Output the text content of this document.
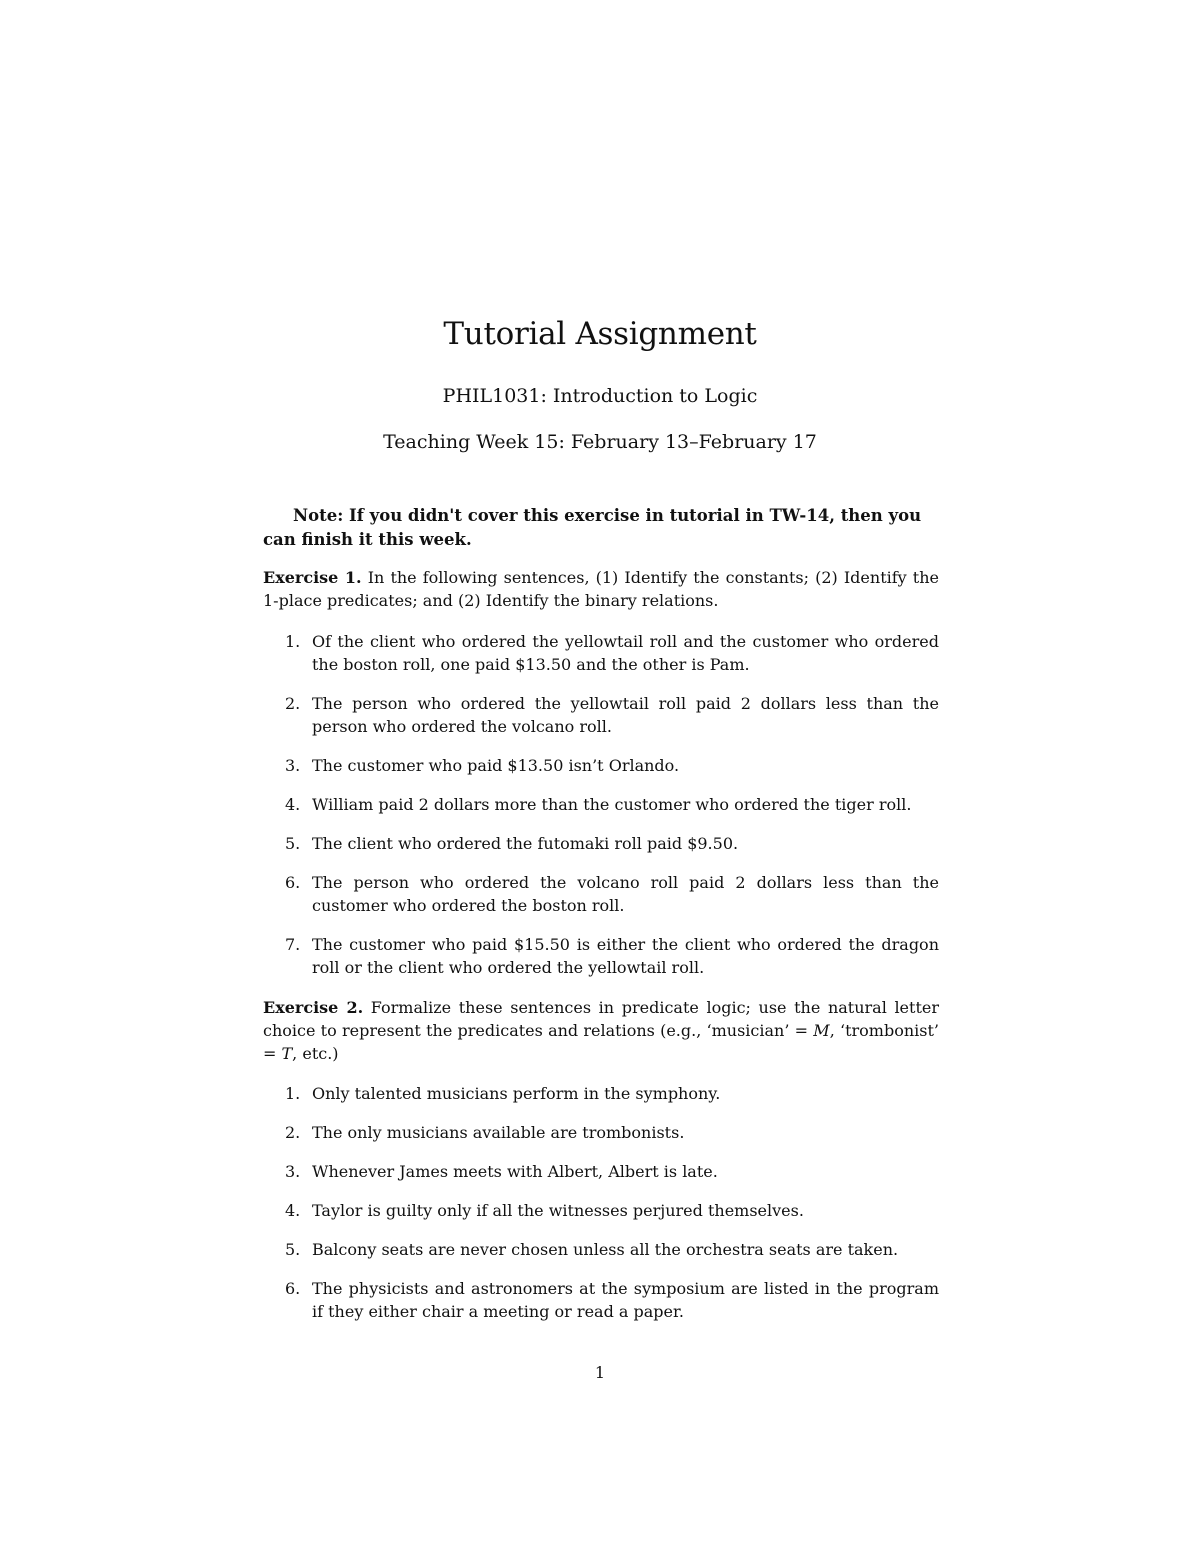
Tutorial Assignment
PHIL1031: Introduction to Logic
Teaching Week 15: February 13–February 17
Note: If you didn't cover this exercise in tutorial in TW-14, then you can finish it this week.
Exercise 1. In the following sentences, (1) Identify the constants; (2) Identify the 1-place predicates; and (2) Identify the binary relations.
1. Of the client who ordered the yellowtail roll and the customer who ordered the boston roll, one paid $13.50 and the other is Pam.
2. The person who ordered the yellowtail roll paid 2 dollars less than the person who ordered the volcano roll.
3. The customer who paid $13.50 isn’t Orlando.
4. William paid 2 dollars more than the customer who ordered the tiger roll.
5. The client who ordered the futomaki roll paid $9.50.
6. The person who ordered the volcano roll paid 2 dollars less than the customer who ordered the boston roll.
7. The customer who paid $15.50 is either the client who ordered the dragon roll or the client who ordered the yellowtail roll.
Exercise 2. Formalize these sentences in predicate logic; use the natural letter choice to represent the predicates and relations (e.g., ‘musician’ = M, ‘trombonist’ = T, etc.)
1. Only talented musicians perform in the symphony.
2. The only musicians available are trombonists.
3. Whenever James meets with Albert, Albert is late.
4. Taylor is guilty only if all the witnesses perjured themselves.
5. Balcony seats are never chosen unless all the orchestra seats are taken.
6. The physicists and astronomers at the symposium are listed in the program if they either chair a meeting or read a paper.
1
